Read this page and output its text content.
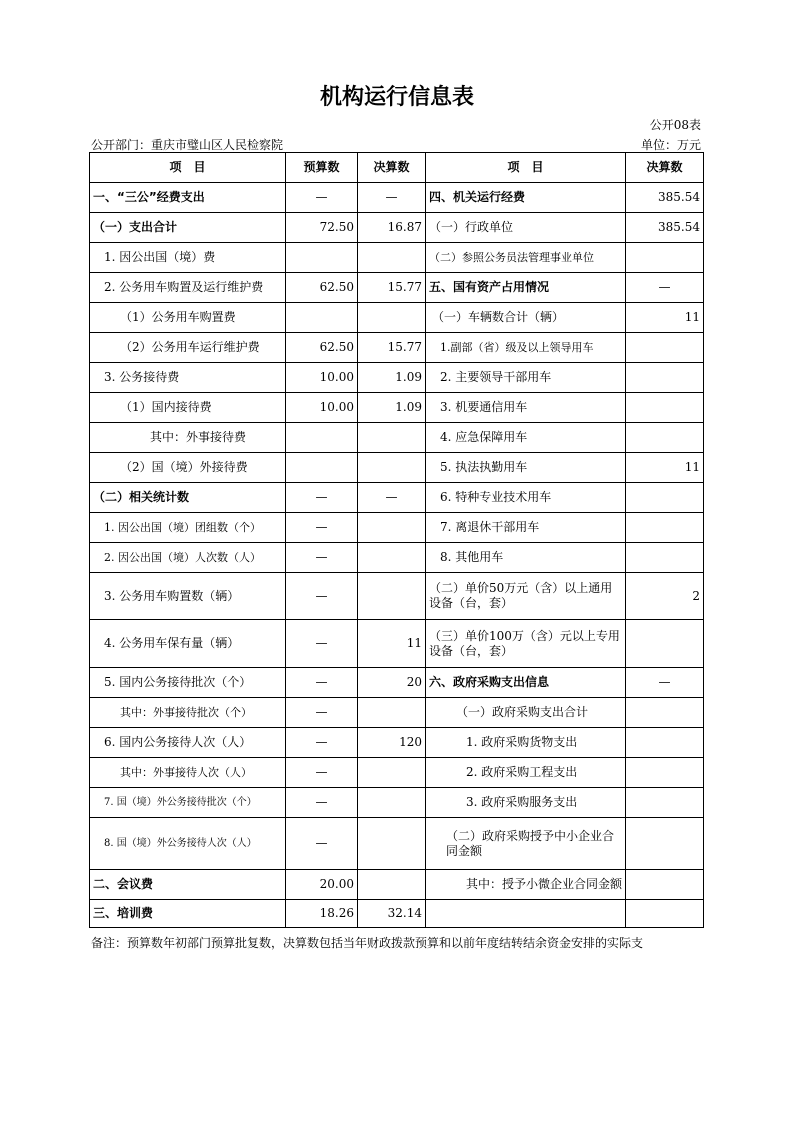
机构运行信息表
公开08表
公开部门：重庆市璧山区人民检察院	单位：万元
项　目	预算数	决算数	项　目	决算数
一、“三公”经费支出	—	—	四、机关运行经费	385.54
（一）支出合计	72.50	16.87	（一）行政单位	385.54
1. 因公出国（境）费			（二）参照公务员法管理事业单位	
2. 公务用车购置及运行维护费	62.50	15.77	五、国有资产占用情况	—
（1）公务用车购置费			（一）车辆数合计（辆）	11
（2）公务用车运行维护费	62.50	15.77	1.副部（省）级及以上领导用车	
3. 公务接待费	10.00	1.09	2. 主要领导干部用车	
（1）国内接待费	10.00	1.09	3. 机要通信用车	
其中：外事接待费			4. 应急保障用车	
（2）国（境）外接待费			5. 执法执勤用车	11
（二）相关统计数	—	—	6. 特种专业技术用车	
1. 因公出国（境）团组数（个）	—		7. 离退休干部用车	
2. 因公出国（境）人次数（人）	—		8. 其他用车	
3. 公务用车购置数（辆）	—		（二）单价50万元（含）以上通用设备（台，套）	2
4. 公务用车保有量（辆）	—	11	（三）单价100万（含）元以上专用设备（台，套）	
5. 国内公务接待批次（个）	—	20	六、政府采购支出信息	—
其中：外事接待批次（个）	—		（一）政府采购支出合计	
6. 国内公务接待人次（人）	—	120	1. 政府采购货物支出	
其中：外事接待人次（人）	—		2. 政府采购工程支出	
7. 国（境）外公务接待批次（个）	—		3. 政府采购服务支出	
8. 国（境）外公务接待人次（人）	—		（二）政府采购授予中小企业合同金额	
二、会议费	20.00		其中：授予小微企业合同金额	
三、培训费	18.26	32.14		
备注：预算数年初部门预算批复数，决算数包括当年财政拨款预算和以前年度结转结余资金安排的实际支
